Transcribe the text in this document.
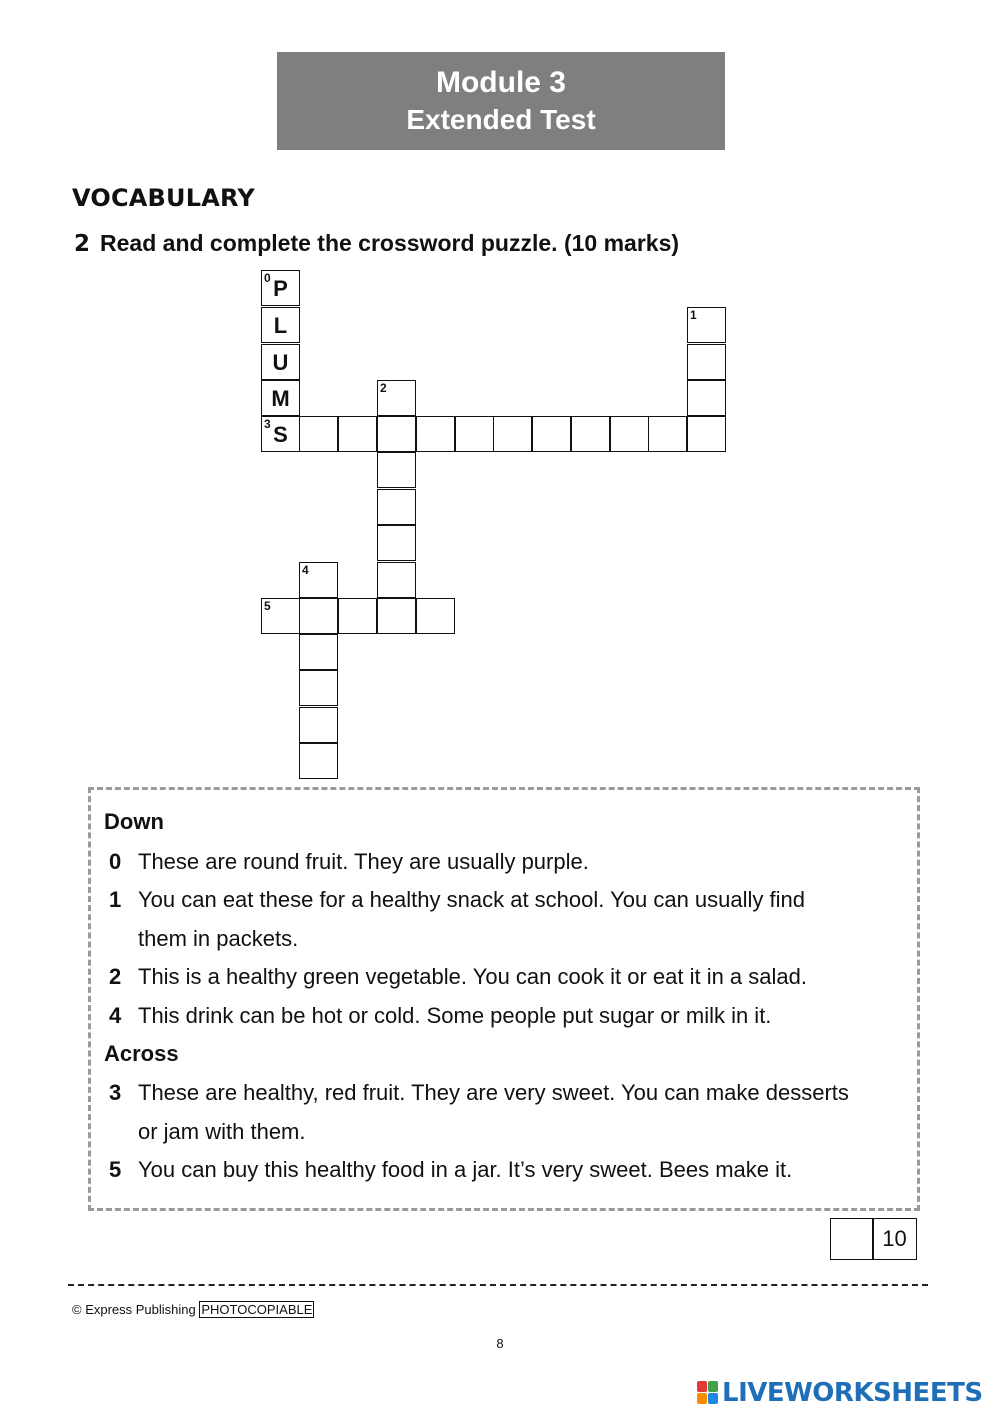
Module 3
Extended Test
VOCABULARY
2 Read and complete the crossword puzzle. (10 marks)
0 P
L
U
M
3 S
1
2
4
5
Down
0 These are round fruit. They are usually purple.
1 You can eat these for a healthy snack at school. You can usually find
them in packets.
2 This is a healthy green vegetable. You can cook it or eat it in a salad.
4 This drink can be hot or cold. Some people put sugar or milk in it.
Across
3 These are healthy, red fruit. They are very sweet. You can make desserts
or jam with them.
5 You can buy this healthy food in a jar. It’s very sweet. Bees make it.
10
© Express Publishing PHOTOCOPIABLE
8
LIVEWORKSHEETS
